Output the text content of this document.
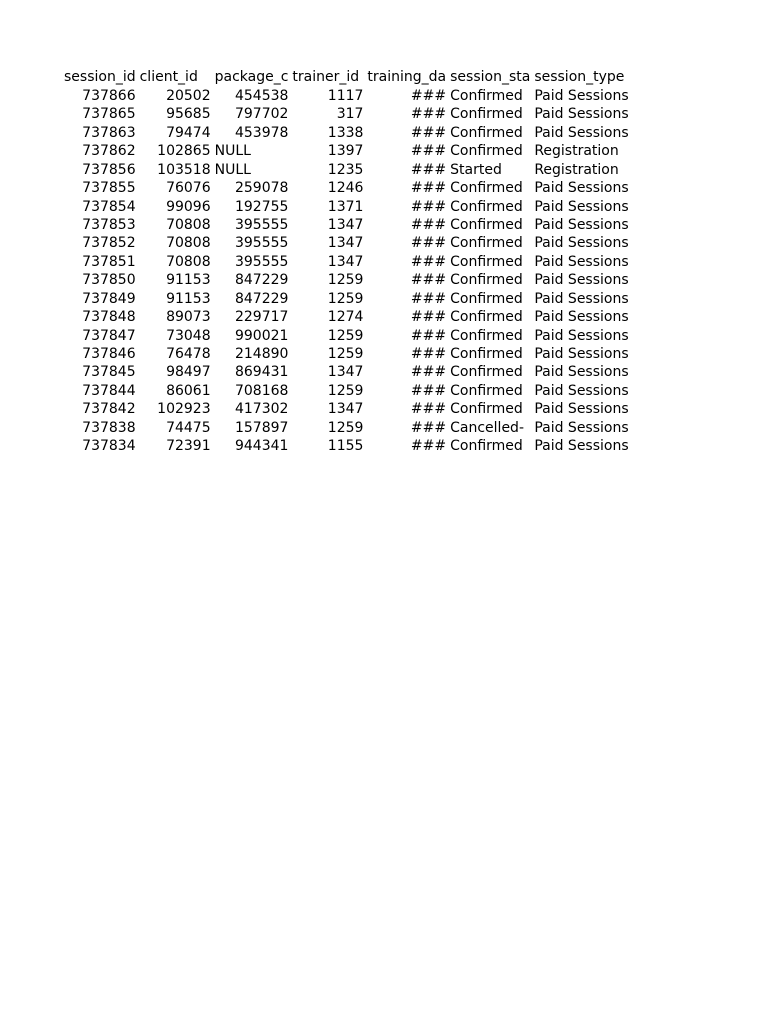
session_id	client_id	package_c	trainer_id	training_da	session_sta	session_type
737866	20502	454538	1117	###	Confirmed	Paid Sessions
737865	95685	797702	317	###	Confirmed	Paid Sessions
737863	79474	453978	1338	###	Confirmed	Paid Sessions
737862	102865	NULL	1397	###	Confirmed	Registration
737856	103518	NULL	1235	###	Started	Registration
737855	76076	259078	1246	###	Confirmed	Paid Sessions
737854	99096	192755	1371	###	Confirmed	Paid Sessions
737853	70808	395555	1347	###	Confirmed	Paid Sessions
737852	70808	395555	1347	###	Confirmed	Paid Sessions
737851	70808	395555	1347	###	Confirmed	Paid Sessions
737850	91153	847229	1259	###	Confirmed	Paid Sessions
737849	91153	847229	1259	###	Confirmed	Paid Sessions
737848	89073	229717	1274	###	Confirmed	Paid Sessions
737847	73048	990021	1259	###	Confirmed	Paid Sessions
737846	76478	214890	1259	###	Confirmed	Paid Sessions
737845	98497	869431	1347	###	Confirmed	Paid Sessions
737844	86061	708168	1259	###	Confirmed	Paid Sessions
737842	102923	417302	1347	###	Confirmed	Paid Sessions
737838	74475	157897	1259	###	Cancelled-	Paid Sessions
737834	72391	944341	1155	###	Confirmed	Paid Sessions
